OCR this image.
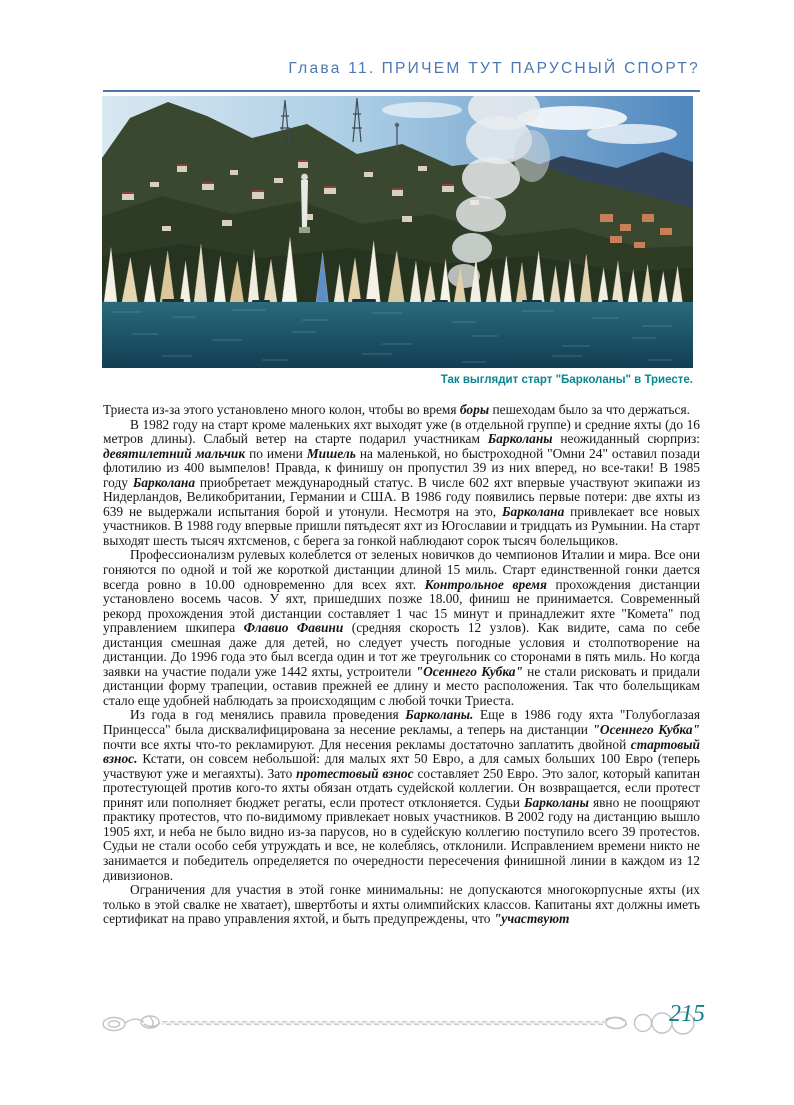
Глава 11. ПРИЧЕМ ТУТ ПАРУСНЫЙ СПОРТ?
Так выглядит старт "Барколаны" в Триесте.

Триеста из-за этого установлено много колон, чтобы во время боры пешеходам было за что держаться.

В 1982 году на старт кроме маленьких яхт выходят уже (в отдельной группе) и средние яхты (до 16 метров длины). Слабый ветер на старте подарил участникам Барколаны неожиданный сюрприз: девятилетний мальчик по имени Мишель на маленькой, но быстроходной "Омни 24" оставил позади флотилию из 400 вымпелов! Правда, к финишу он пропустил 39 из них вперед, но все-таки! В 1985 году Барколана приобретает международный статус. В числе 602 яхт впервые участвуют экипажи из Нидерландов, Великобритании, Германии и США. В 1986 году появились первые потери: две яхты из 639 не выдержали испытания борой и утонули. Несмотря на это, Барколана привлекает все новых участников. В 1988 году впервые пришли пятьдесят яхт из Югославии и тридцать из Румынии. На старт выходят шесть тысяч яхтсменов, с берега за гонкой наблюдают сорок тысяч болельщиков.

Профессионализм рулевых колеблется от зеленых новичков до чемпионов Италии и мира. Все они гоняются по одной и той же короткой дистанции длиной 15 миль. Старт единственной гонки дается всегда ровно в 10.00 одновременно для всех яхт. Контрольное время прохождения дистанции установлено восемь часов. У яхт, пришедших позже 18.00, финиш не принимается. Современный рекорд прохождения этой дистанции составляет 1 час 15 минут и принадлежит яхте "Комета" под управлением шкипера Флавио Фавини (средняя скорость 12 узлов). Как видите, сама по себе дистанция смешная даже для детей, но следует учесть погодные условия и столпотворение на дистанции. До 1996 года это был всегда один и тот же треугольник со сторонами в пять миль. Но когда заявки на участие подали уже 1442 яхты, устроители "Осеннего Кубка" не стали рисковать и придали дистанции форму трапеции, оставив прежней ее длину и место расположения. Так что болельщикам стало еще удобней наблюдать за происходящим с любой точки Триеста.

Из года в год менялись правила проведения Барколаны. Еще в 1986 году яхта "Голубоглазая Принцесса" была дисквалифицирована за несение рекламы, а теперь на дистанции "Осеннего Кубка" почти все яхты что-то рекламируют. Для несения рекламы достаточно заплатить двойной стартовый взнос. Кстати, он совсем небольшой: для малых яхт 50 Евро, а для самых больших 100 Евро (теперь участвуют уже и мегаяхты). Зато протестовый взнос составляет 250 Евро. Это залог, который капитан протестующей против кого-то яхты обязан отдать судейской коллегии. Он возвращается, если протест принят или пополняет бюджет регаты, если протест отклоняется. Судьи Барколаны явно не поощряют практику протестов, что по-видимому привлекает новых участников. В 2002 году на дистанцию вышло 1905 яхт, и неба не было видно из-за парусов, но в судейскую коллегию поступило всего 39 протестов. Судьи не стали особо себя утруждать и все, не колеблясь, отклонили. Исправлением времени никто не занимается и победитель определяется по очередности пересечения финишной линии в каждом из 12 дивизионов.

Ограничения для участия в этой гонке минимальны: не допускаются многокорпусные яхты (их только в этой свалке не хватает), швертботы и яхты олимпийских классов. Капитаны яхт должны иметь сертификат на право управления яхтой, и быть предупреждены, что "участвуют

215
